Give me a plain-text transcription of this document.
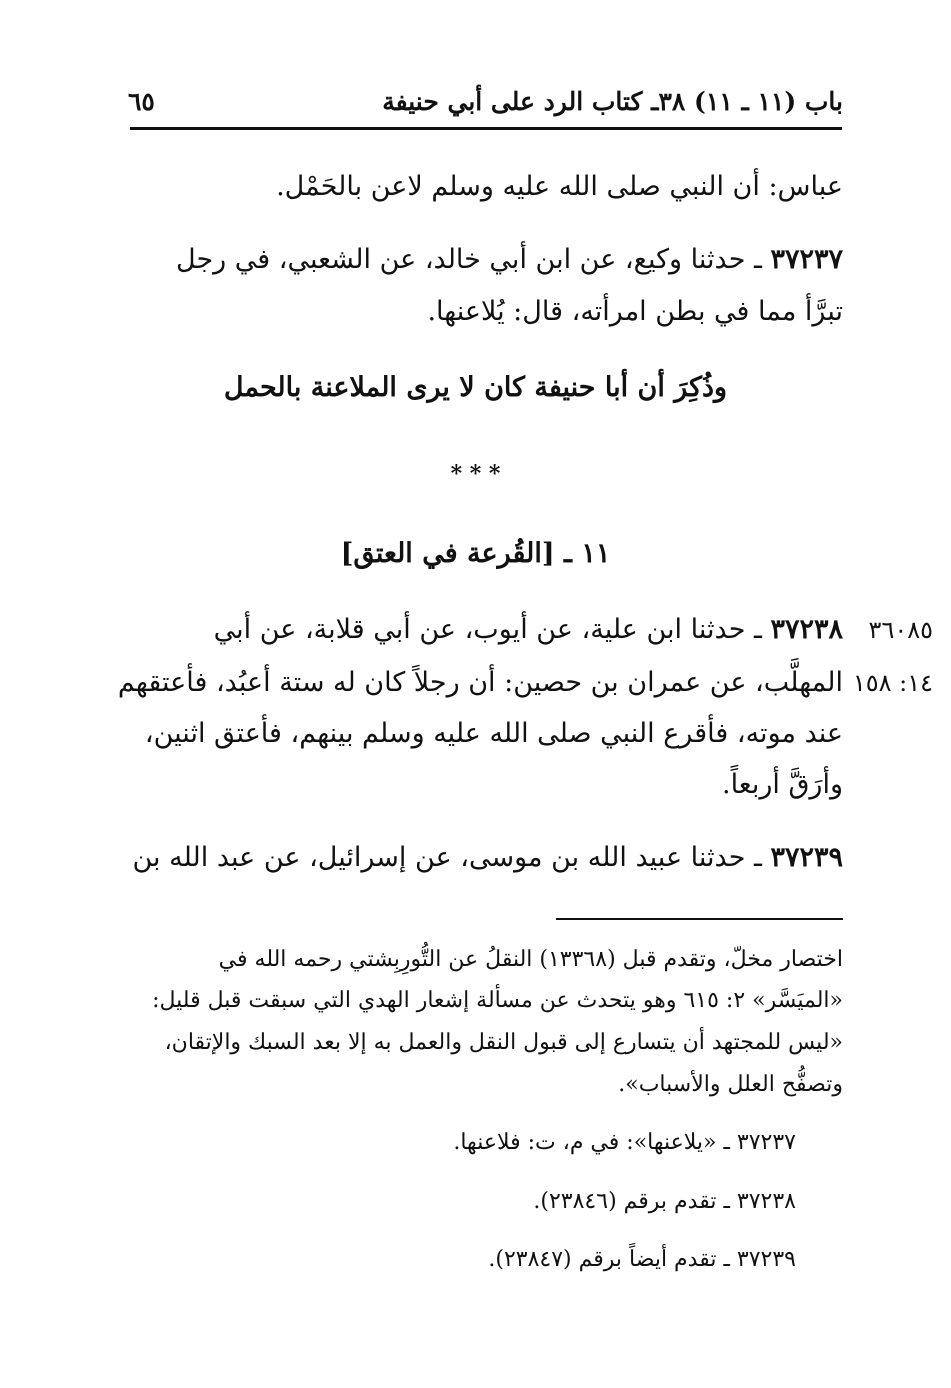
٦٥	باب (١١ ـ ١١) ٣٨ـ كتاب الرد على أبي حنيفة
عباس: أن النبي صلى الله عليه وسلم لاعن بالحَمْل.
٣٧٢٣٧ ـ حدثنا وكيع، عن ابن أبي خالد، عن الشعبي، في رجل
تبرَّأ مما في بطن امرأته، قال: يُلاعنها.
وذُكِرَ أن أبا حنيفة كان لا يرى الملاعنة بالحمل
* * *
١١ ـ [القُرعة في العتق]
٣٦٠٨٥
١٤: ١٥٨
٣٧٢٣٨ ـ حدثنا ابن علية، عن أيوب، عن أبي قلابة، عن أبي
المهلَّب، عن عمران بن حصين: أن رجلاً كان له ستة أعبُد، فأعتقهم
عند موته، فأقرع النبي صلى الله عليه وسلم بينهم، فأعتق اثنين،
وأرَقَّ أربعاً.
٣٧٢٣٩ ـ حدثنا عبيد الله بن موسى، عن إسرائيل، عن عبد الله بن
اختصار مخلّ، وتقدم قبل (١٣٣٦٨) النقلُ عن التُّورِبِشتي رحمه الله في
«الميَسَّر» ٢: ٦١٥ وهو يتحدث عن مسألة إشعار الهدي التي سبقت قبل قليل:
«ليس للمجتهد أن يتسارع إلى قبول النقل والعمل به إلا بعد السبك والإتقان،
وتصفُّح العلل والأسباب».
٣٧٢٣٧ ـ «يلاعنها»: في م، ت: فلاعنها.
٣٧٢٣٨ ـ تقدم برقم (٢٣٨٤٦).
٣٧٢٣٩ ـ تقدم أيضاً برقم (٢٣٨٤٧).
